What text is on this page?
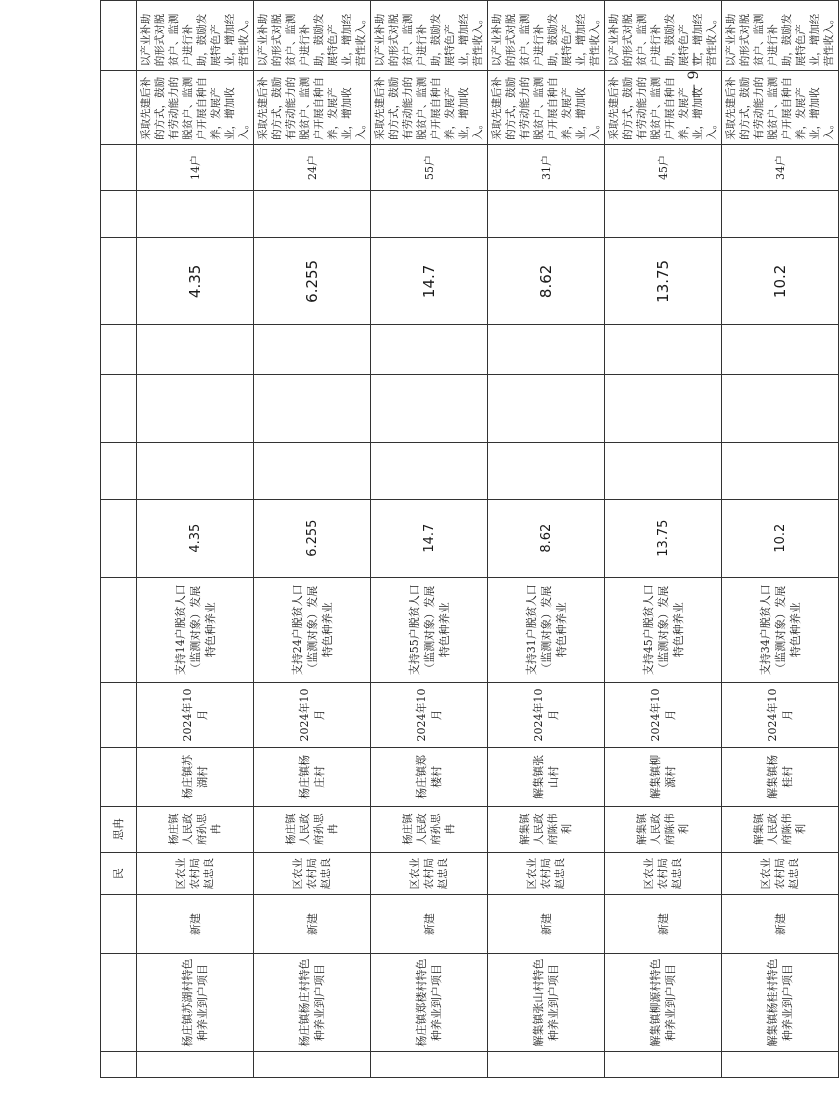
			民	思冉												
	杨庄镇苏湖村特色种养业到户项目	新建	区农业农村局赵忠良	杨庄镇人民政府孙思冉	杨庄镇苏湖村	2024年10月	支持14户脱贫人口（监测对象）发展特色种养业	4.35				4.35		14户	采取先建后补的方式，鼓励有劳动能力的脱贫户、监测户开展自种自养，发展产业，增加收入。	以产业补助的形式对脱贫户、监测户进行补助，鼓励发展特色产业，增加经营性收入。
	杨庄镇杨庄村特色种养业到户项目	新建	区农业农村局赵忠良	杨庄镇人民政府孙思冉	杨庄镇杨庄村	2024年10月	支持24户脱贫人口（监测对象）发展特色种养业	6.255				6.255		24户	采取先建后补的方式，鼓励有劳动能力的脱贫户、监测户开展自种自养，发展产业，增加收入。	以产业补助的形式对脱贫户、监测户进行补助，鼓励发展特色产业，增加经营性收入。
	杨庄镇郑楼村特色种养业到户项目	新建	区农业农村局赵忠良	杨庄镇人民政府孙思冉	杨庄镇郑楼村	2024年10月	支持55户脱贫人口（监测对象）发展特色种养业	14.7				14.7		55户	采取先建后补的方式，鼓励有劳动能力的脱贫户、监测户开展自种自养，发展产业，增加收入。	以产业补助的形式对脱贫户、监测户进行补助，鼓励发展特色产业，增加经营性收入。
	解集镇张山村特色种养业到户项目	新建	区农业农村局赵忠良	解集镇人民政府陈伟利	解集镇张山村	2024年10月	支持31户脱贫人口（监测对象）发展特色种养业	8.62				8.62		31户	采取先建后补的方式，鼓励有劳动能力的脱贫户、监测户开展自种自养，发展产业，增加收入。	以产业补助的形式对脱贫户、监测户进行补助，鼓励发展特色产业，增加经营性收入。
	解集镇柳源村特色种养业到户项目	新建	区农业农村局赵忠良	解集镇人民政府陈伟利	解集镇柳源村	2024年10月	支持45户脱贫人口（监测对象）发展特色种养业	13.75				13.75		45户	采取先建后补的方式，鼓励有劳动能力的脱贫户、监测户开展自种自养，发展产业，增加收入。	以产业补助的形式对脱贫户、监测户进行补助，鼓励发展特色产业，增加经营性收入。
	解集镇杨桂村特色种养业到户项目	新建	区农业农村局赵忠良	解集镇人民政府陈伟利	解集镇杨桂村	2024年10月	支持34户脱贫人口（监测对象）发展特色种养业	10.2				10.2		34户	采取先建后补的方式，鼓励有劳动能力的脱贫户、监测户开展自种自养，发展产业，增加收入。	以产业补助的形式对脱贫户、监测户进行补助，鼓励发展特色产业，增加经营性收入。
— 9 —
